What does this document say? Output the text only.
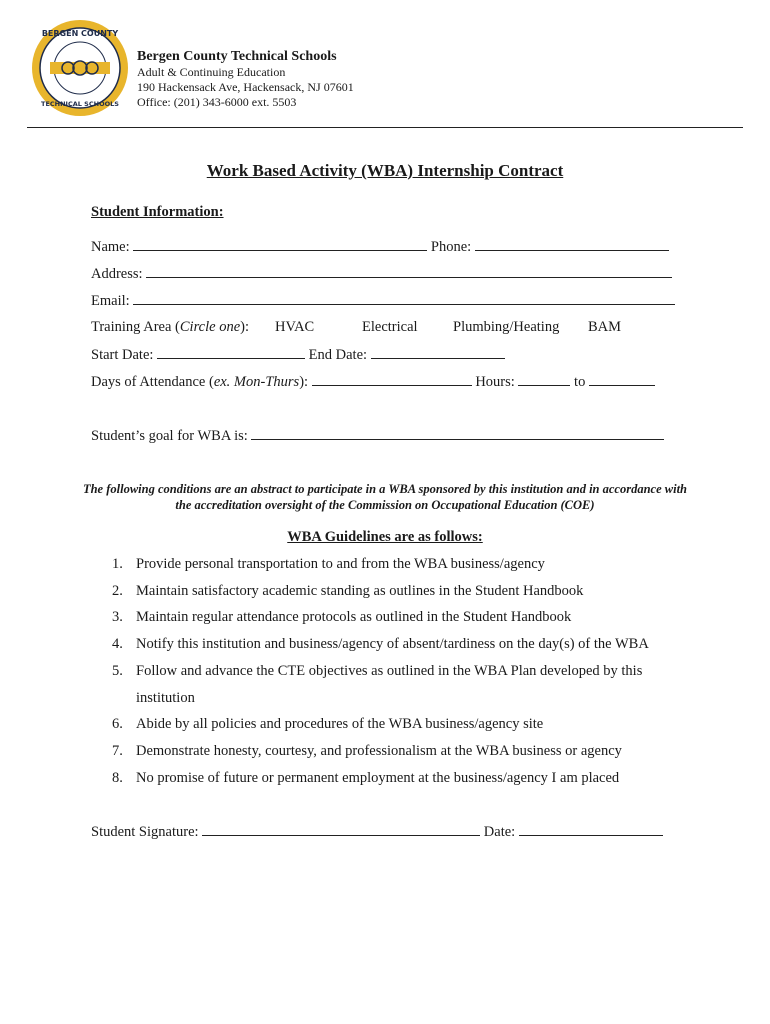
BERGEN COUNTY
TECHNICAL SCHOOLS
Bergen County Technical Schools
Adult & Continuing Education
190 Hackensack Ave, Hackensack, NJ 07601
Office: (201) 343-6000 ext. 5503
Work Based Activity (WBA) Internship Contract
Student Information:
Name:	Phone:
Address:
Email:
Training Area (Circle one): HVAC	Electrical Plumbing/Heating BAM
Start Date:	End Date:
Days of Attendance (ex. Mon-Thurs):	Hours:	to
Student’s goal for WBA is:
The following conditions are an abstract to participate in a WBA sponsored by this institution and in accordance with the accreditation oversight of the Commission on Occupational Education (COE)
WBA Guidelines are as follows:
1. Provide personal transportation to and from the WBA business/agency
2. Maintain satisfactory academic standing as outlines in the Student Handbook
3. Maintain regular attendance protocols as outlined in the Student Handbook
4. Notify this institution and business/agency of absent/tardiness on the day(s) of the WBA
5. Follow and advance the CTE objectives as outlined in the WBA Plan developed by this
institution
6. Abide by all policies and procedures of the WBA business/agency site
7. Demonstrate honesty, courtesy, and professionalism at the WBA business or agency
8. No promise of future or permanent employment at the business/agency I am placed
Student Signature:	Date:
